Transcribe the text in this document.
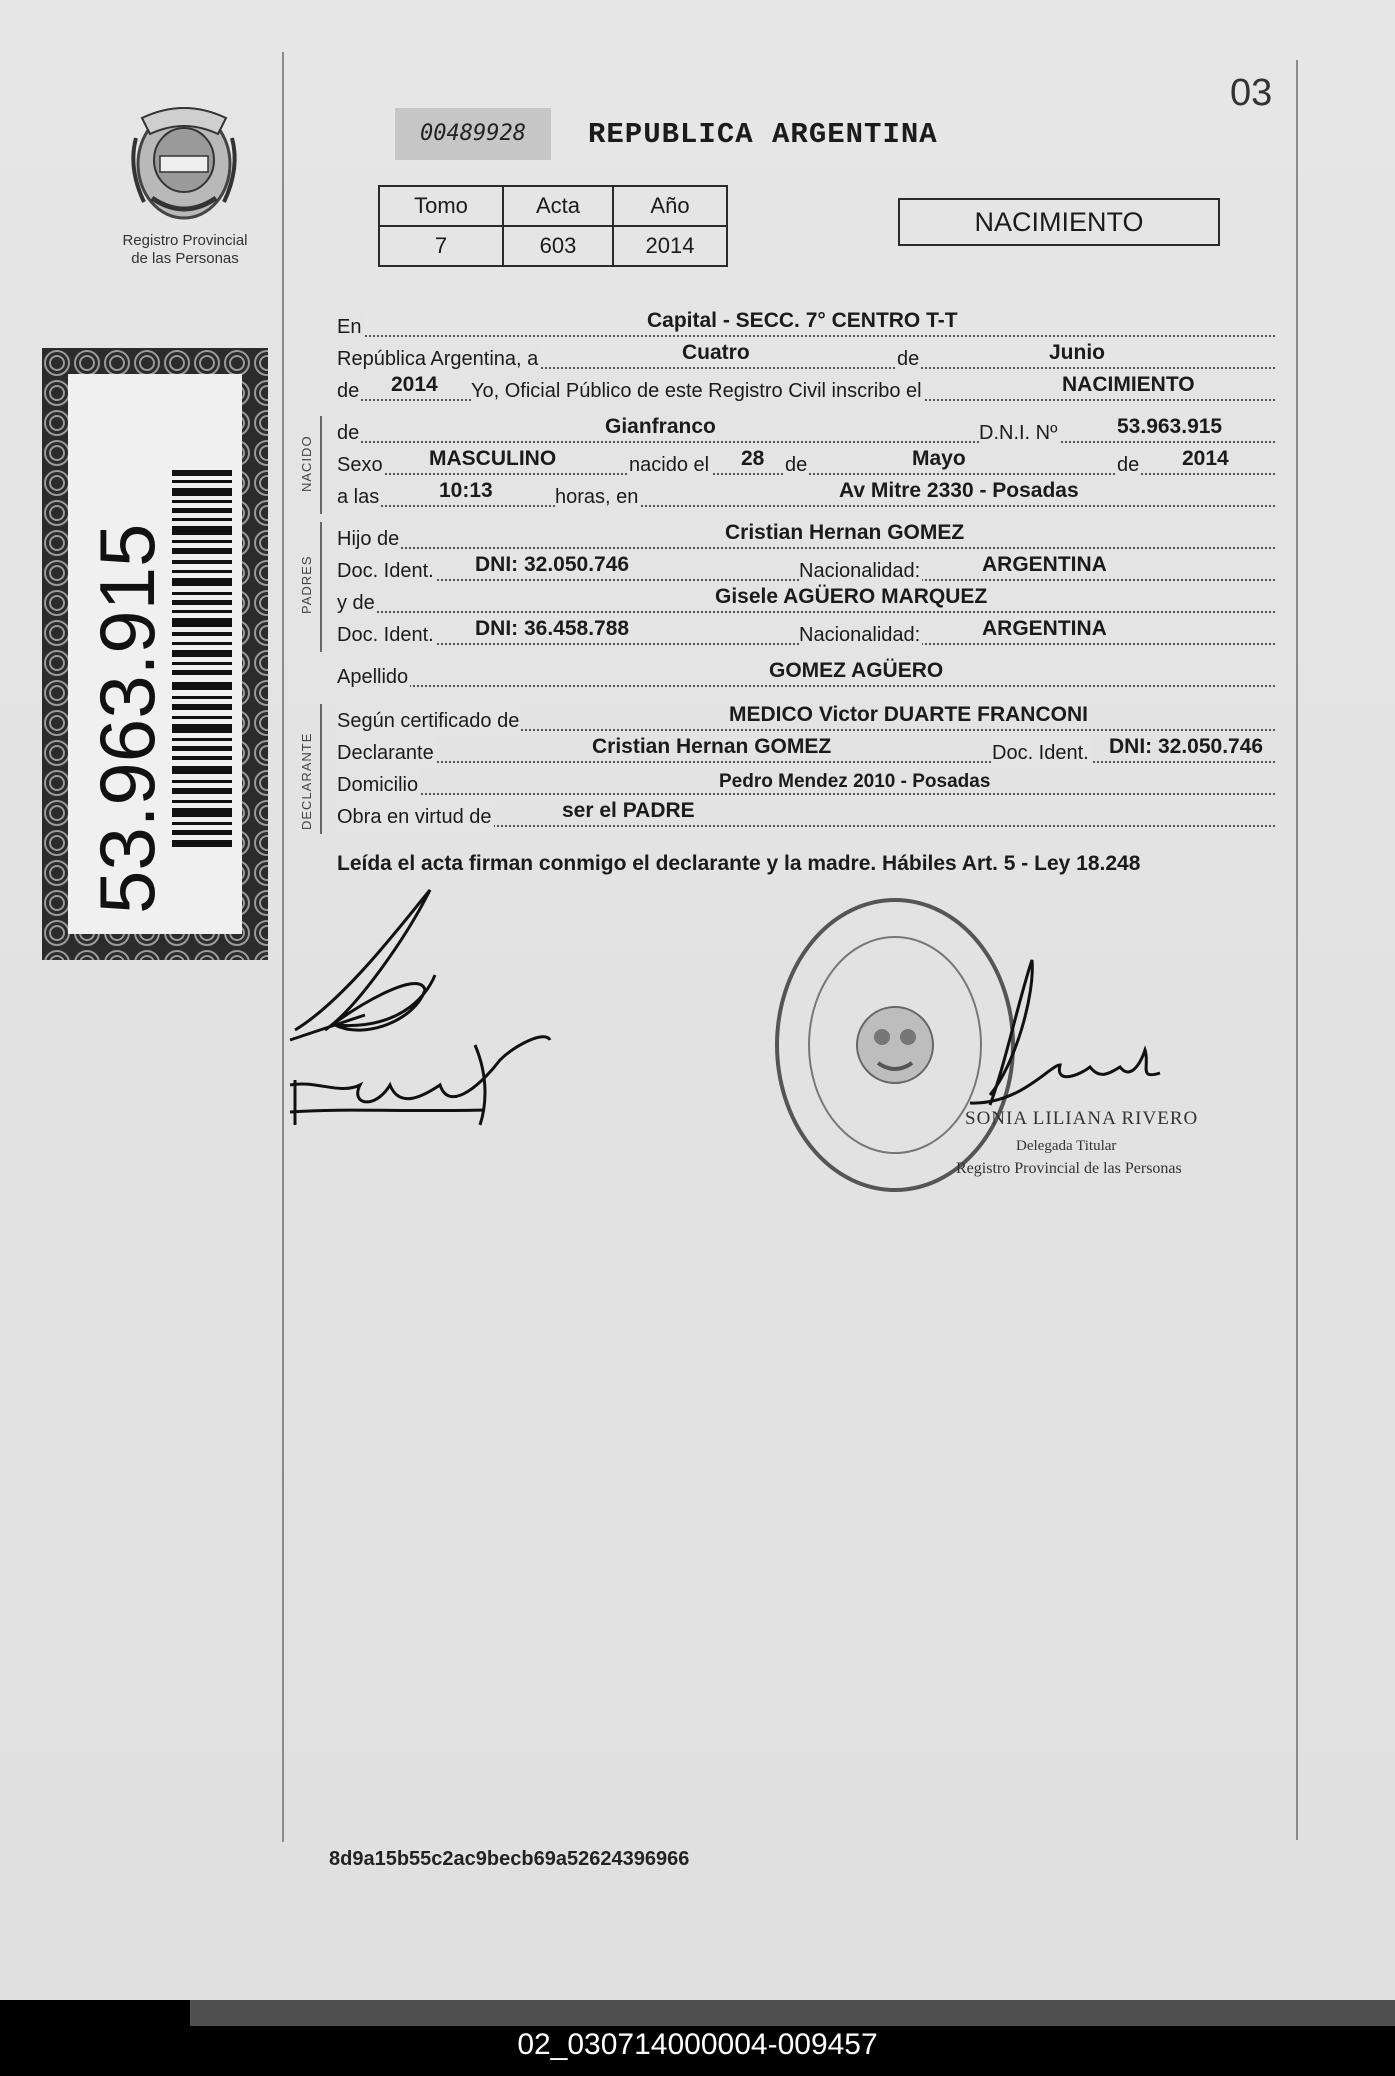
Registro Provincial
de las Personas
53.963.915
03
00489928	REPUBLICA ARGENTINA
Tomo	Acta	Año
7	603	2014
NACIMIENTO
En	Capital - SECC. 7° CENTRO T-T
República Argentina, a	Cuatro	de	Junio
de 2014 Yo, Oficial Público de este Registro Civil inscribo el	NACIMIENTO
de	Gianfranco	D.N.I. Nº	53.963.915
Sexo MASCULINO	nacido el 28 de	Mayo	de 2014
a las	10:13	horas, en	Av Mitre 2330 - Posadas
Hijo de	Cristian Hernan GOMEZ
Doc. Ident. DNI: 32.050.746	Nacionalidad:	ARGENTINA
y de	Gisele AGÜERO MARQUEZ
Doc. Ident. DNI: 36.458.788	Nacionalidad:	ARGENTINA
Apellido	GOMEZ AGÜERO
Según certificado de	MEDICO Victor DUARTE FRANCONI
Declarante	Cristian Hernan GOMEZ	Doc. Ident. DNI: 32.050.746
Domicilio	Pedro Mendez 2010 - Posadas
Obra en virtud de	ser el PADRE
NACIDO
PADRES
DECLARANTE
Leída el acta firman conmigo el declarante y la madre. Hábiles Art. 5 - Ley 18.248
SONIA LILIANA RIVERO
Delegada Titular
Registro Provincial de las Personas
8d9a15b55c2ac9becb69a52624396966
02_030714000004-009457
